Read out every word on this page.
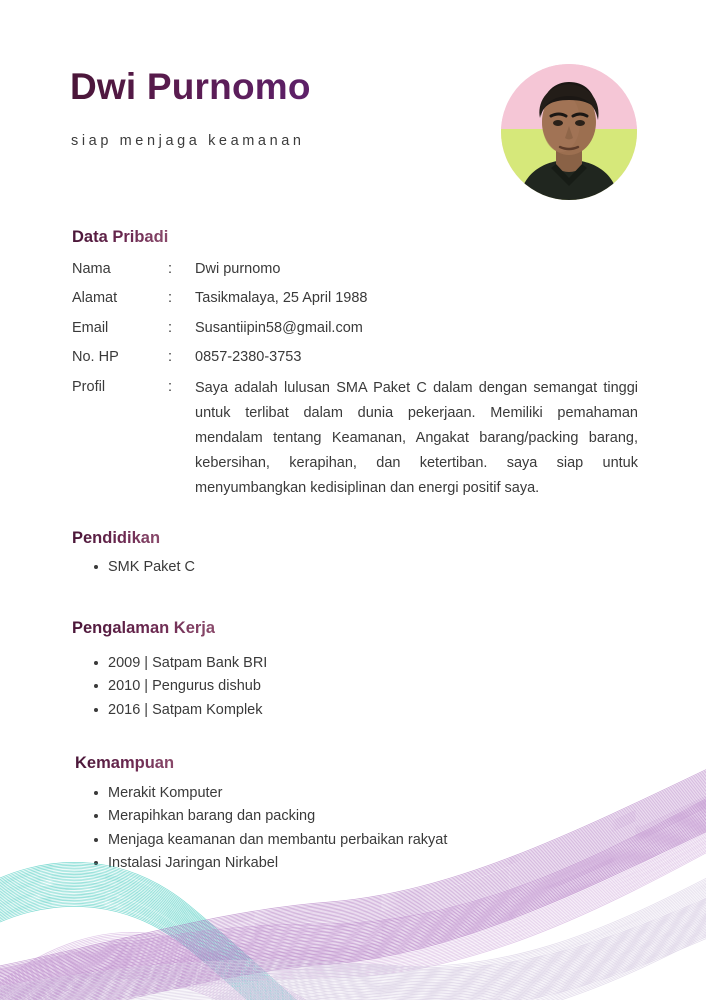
Dwi Purnomo
siap menjaga keamanan
Data Pribadi
Nama	:	Dwi purnomo
Alamat	:	Tasikmalaya, 25 April 1988
Email	:	Susantiipin58@gmail.com
No. HP	:	0857-2380-3753
Profil	:	Saya adalah lulusan SMA Paket C dalam dengan semangat tinggi untuk terlibat dalam dunia pekerjaan. Memiliki pemahaman mendalam tentang Keamanan, Angakat barang/packing barang, kebersihan, kerapihan, dan ketertiban. saya siap untuk menyumbangkan kedisiplinan dan energi positif saya.
Pendidikan
SMK Paket C
Pengalaman Kerja
2009 | Satpam Bank BRI
2010 | Pengurus dishub
2016 | Satpam Komplek
Kemampuan
Merakit Komputer
Merapihkan barang dan packing
Menjaga keamanan dan membantu perbaikan rakyat
Instalasi Jaringan Nirkabel
